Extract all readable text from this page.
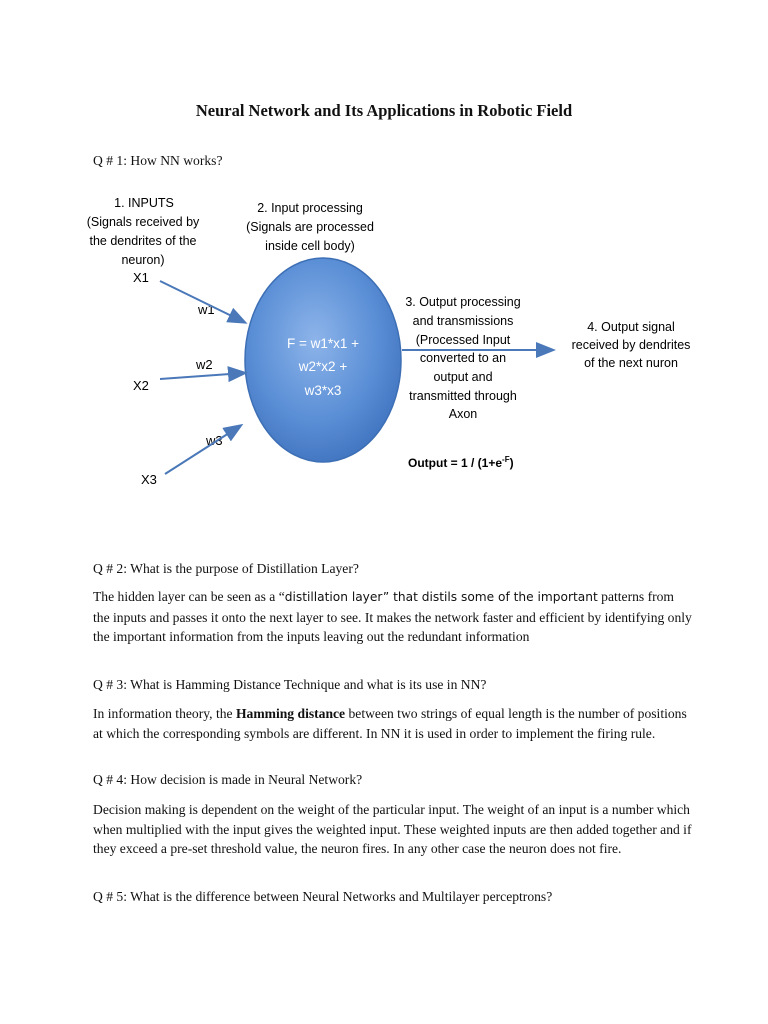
Neural Network and Its Applications in Robotic Field
Q # 1: How NN works?
1. INPUTS
(Signals received by
the dendrites of the
neuron)
2. Input processing
(Signals are processed
inside cell body)
F = w1*x1 +
w2*x2 +
w3*x3
X1
X2
X3
w1
w2
w3
3. Output processing
and transmissions
(Processed Input
converted to an
output and
transmitted through
Axon
4. Output signal
received by dendrites
of the next nuron
Output = $1 / (1+e^{-F})$
Q # 2: What is the purpose of Distillation Layer?
The hidden layer can be seen as a “distillation layer” that distils some of the important patterns from the inputs and passes it onto the next layer to see. It makes the network faster and efficient by identifying only the important information from the inputs leaving out the redundant information
Q # 3: What is Hamming Distance Technique and what is its use in NN?
In information theory, the Hamming distance between two strings of equal length is the number of positions at which the corresponding symbols are different. In NN it is used in order to implement the firing rule.
Q # 4: How decision is made in Neural Network?
Decision making is dependent on the weight of the particular input. The weight of an input is a number which when multiplied with the input gives the weighted input. These weighted inputs are then added together and if they exceed a pre-set threshold value, the neuron fires. In any other case the neuron does not fire.
Q # 5: What is the difference between Neural Networks and Multilayer perceptrons?
